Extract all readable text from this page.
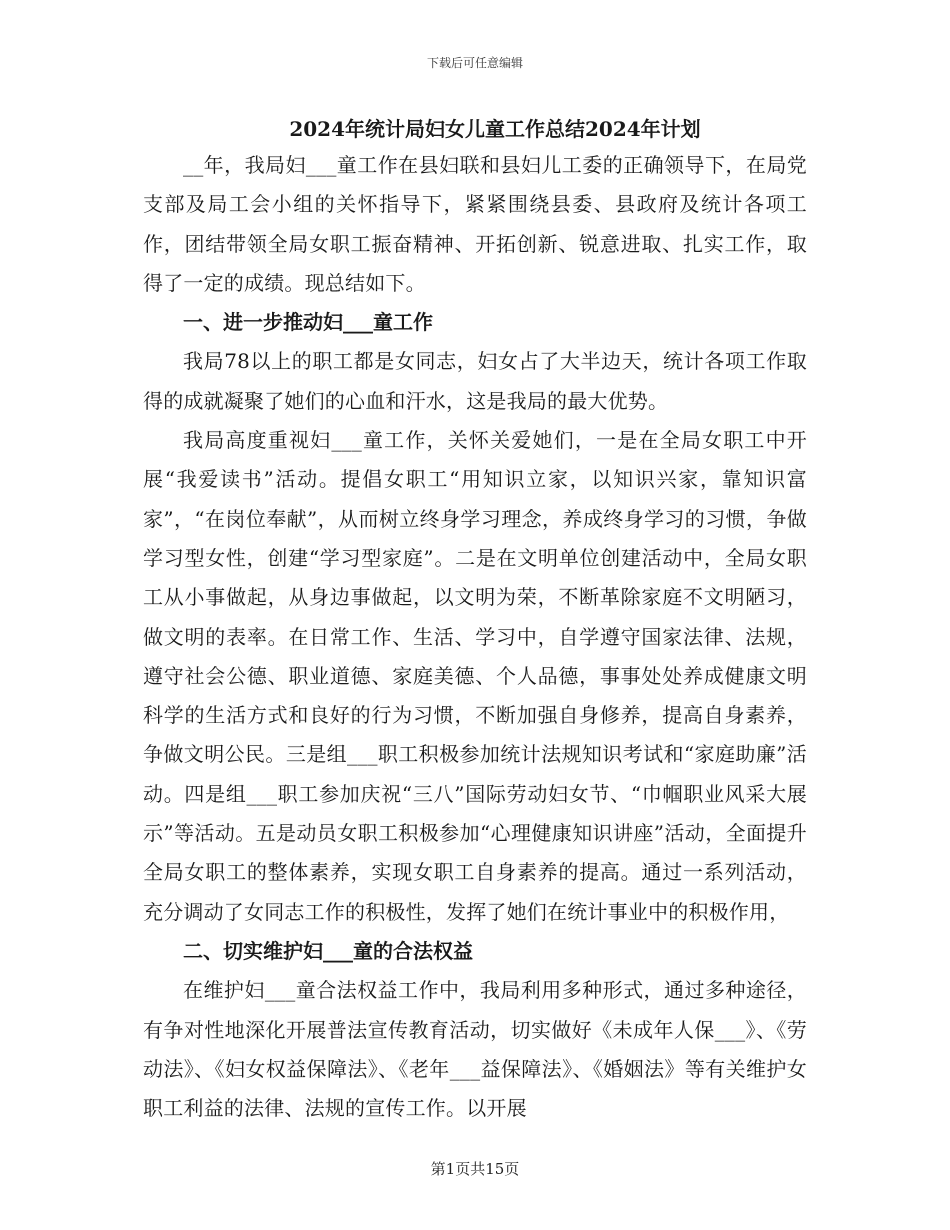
下载后可任意编辑

2024年统计局妇女儿童工作总结2024年计划

__年，我局妇___童工作在县妇联和县妇儿工委的正确领导下，在局党支部及局工会小组的关怀指导下，紧紧围绕县委、县政府及统计各项工作，团结带领全局女职工振奋精神、开拓创新、锐意进取、扎实工作，取得了一定的成绩。现总结如下。

一、进一步推动妇___童工作

我局78以上的职工都是女同志，妇女占了大半边天，统计各项工作取得的成就凝聚了她们的心血和汗水，这是我局的最大优势。

我局高度重视妇___童工作，关怀关爱她们，一是在全局女职工中开展“我爱读书”活动。提倡女职工“用知识立家，以知识兴家，靠知识富家”，“在岗位奉献”，从而树立终身学习理念，养成终身学习的习惯，争做学习型女性，创建“学习型家庭”。二是在文明单位创建活动中，全局女职工从小事做起，从身边事做起，以文明为荣，不断革除家庭不文明陋习，做文明的表率。在日常工作、生活、学习中，自学遵守国家法律、法规，遵守社会公德、职业道德、家庭美德、个人品德，事事处处养成健康文明科学的生活方式和良好的行为习惯，不断加强自身修养，提高自身素养，争做文明公民。三是组___职工积极参加统计法规知识考试和“家庭助廉”活动。四是组___职工参加庆祝“三八”国际劳动妇女节、“巾帼职业风采大展示”等活动。五是动员女职工积极参加“心理健康知识讲座”活动，全面提升全局女职工的整体素养，实现女职工自身素养的提高。通过一系列活动，充分调动了女同志工作的积极性，发挥了她们在统计事业中的积极作用，

二、切实维护妇___童的合法权益

在维护妇___童合法权益工作中，我局利用多种形式，通过多种途径，有争对性地深化开展普法宣传教育活动，切实做好《未成年人保___》、《劳动法》、《妇女权益保障法》、《老年___益保障法》、《婚姻法》等有关维护女职工利益的法律、法规的宣传工作。以开展

第1页共15页
